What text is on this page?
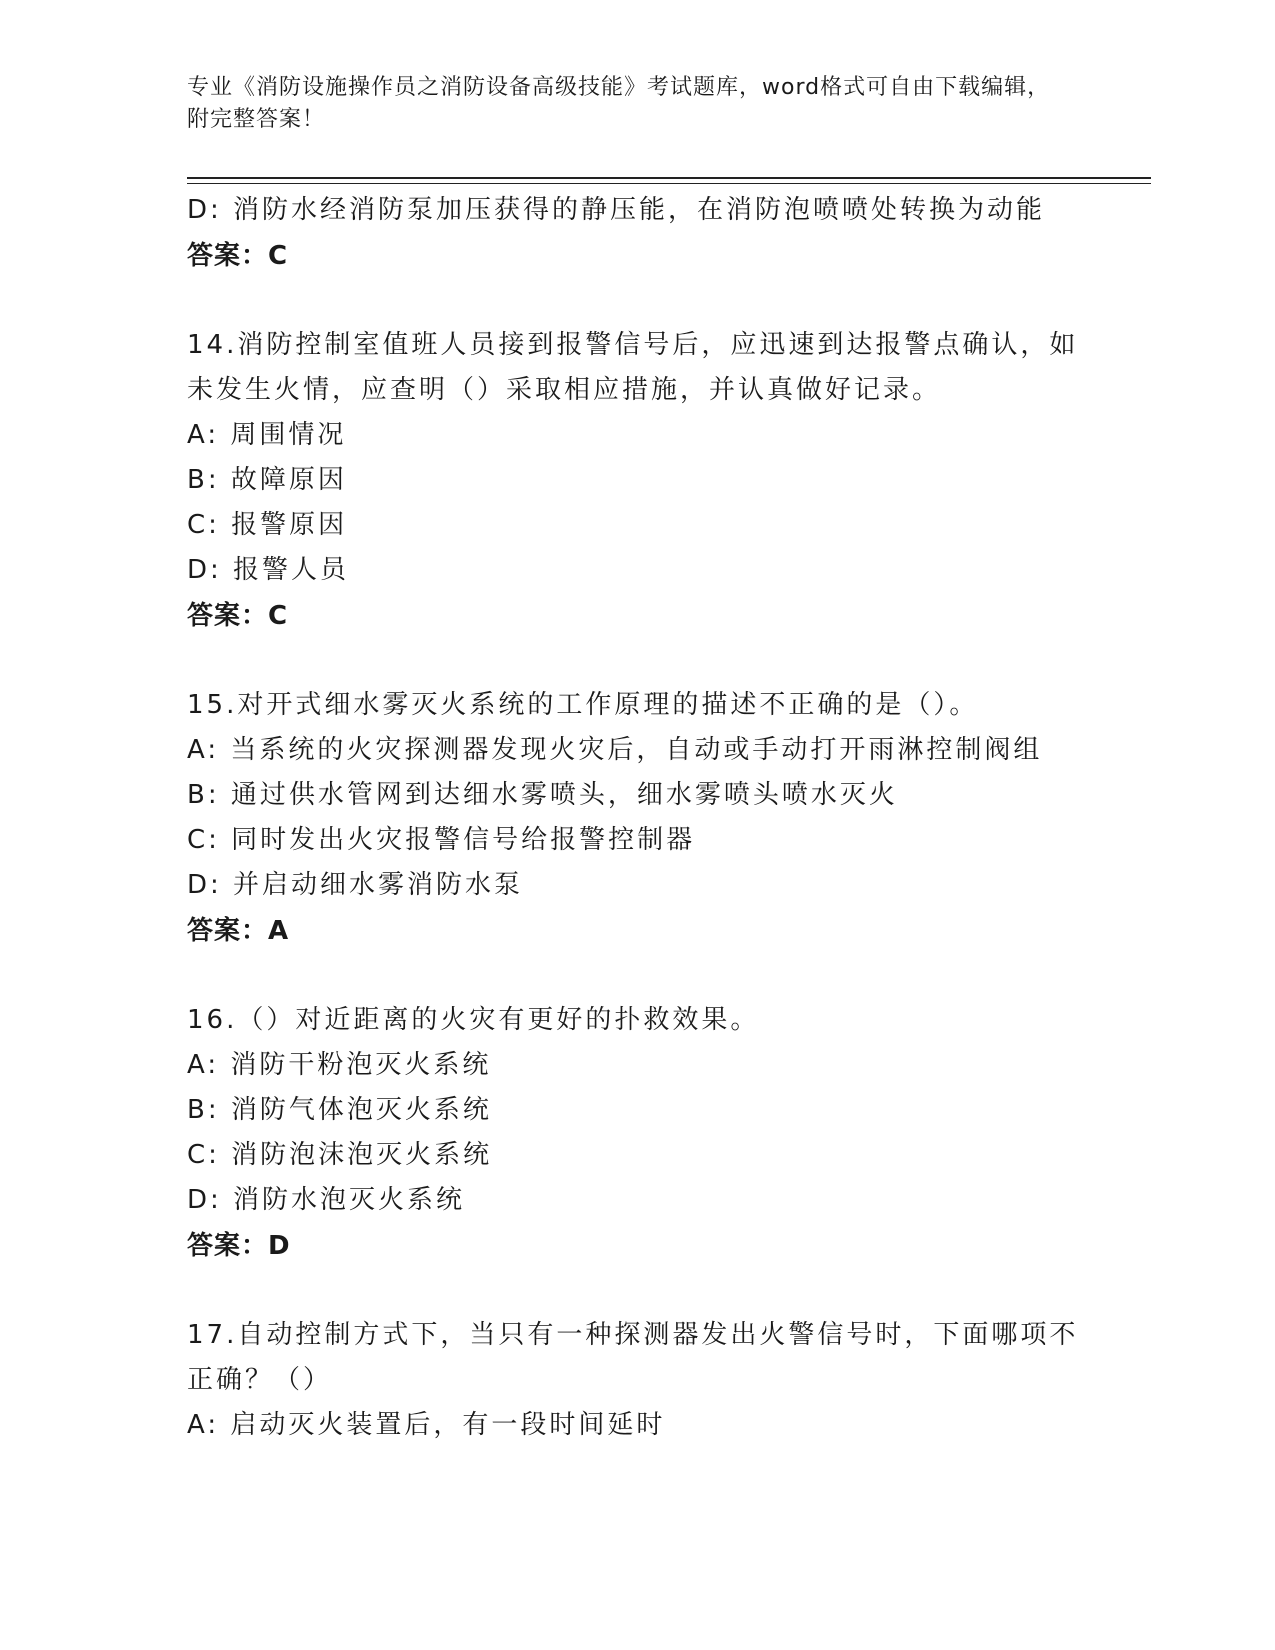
专业《消防设施操作员之消防设备高级技能》考试题库，word格式可自由下载编辑，附完整答案！
D: 消防水经消防泵加压获得的静压能，在消防泡喷喷处转换为动能
答案：C
14.消防控制室值班人员接到报警信号后，应迅速到达报警点确认，如未发生火情，应查明（）采取相应措施，并认真做好记录。
A: 周围情况
B: 故障原因
C: 报警原因
D: 报警人员
答案：C
15.对开式细水雾灭火系统的工作原理的描述不正确的是（）。
A: 当系统的火灾探测器发现火灾后，自动或手动打开雨淋控制阀组
B: 通过供水管网到达细水雾喷头，细水雾喷头喷水灭火
C: 同时发出火灾报警信号给报警控制器
D: 并启动细水雾消防水泵
答案：A
16.（）对近距离的火灾有更好的扑救效果。
A: 消防干粉泡灭火系统
B: 消防气体泡灭火系统
C: 消防泡沫泡灭火系统
D: 消防水泡灭火系统
答案：D
17.自动控制方式下，当只有一种探测器发出火警信号时，下面哪项不正确？（）
A: 启动灭火装置后，有一段时间延时
